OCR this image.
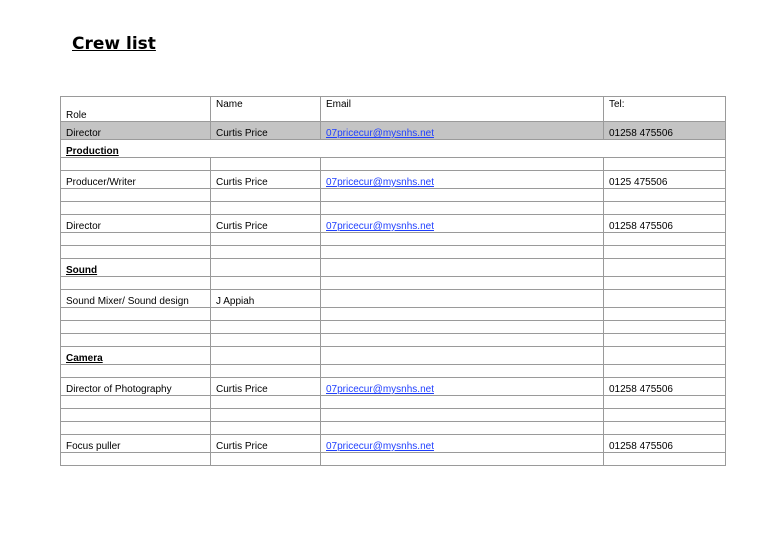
Crew list
Role	Name	Email	Tel:
Director	Curtis Price	07pricecur@mysnhs.net	01258 475506
Production			

Producer/Writer	Curtis Price	07pricecur@mysnhs.net	0125 475506

Director	Curtis Price	07pricecur@mysnhs.net	01258 475506

Sound			

Sound Mixer/ Sound design	J Appiah		

Camera			

Director of Photography	Curtis Price	07pricecur@mysnhs.net	01258 475506

Focus puller	Curtis Price	07pricecur@mysnhs.net	01258 475506
